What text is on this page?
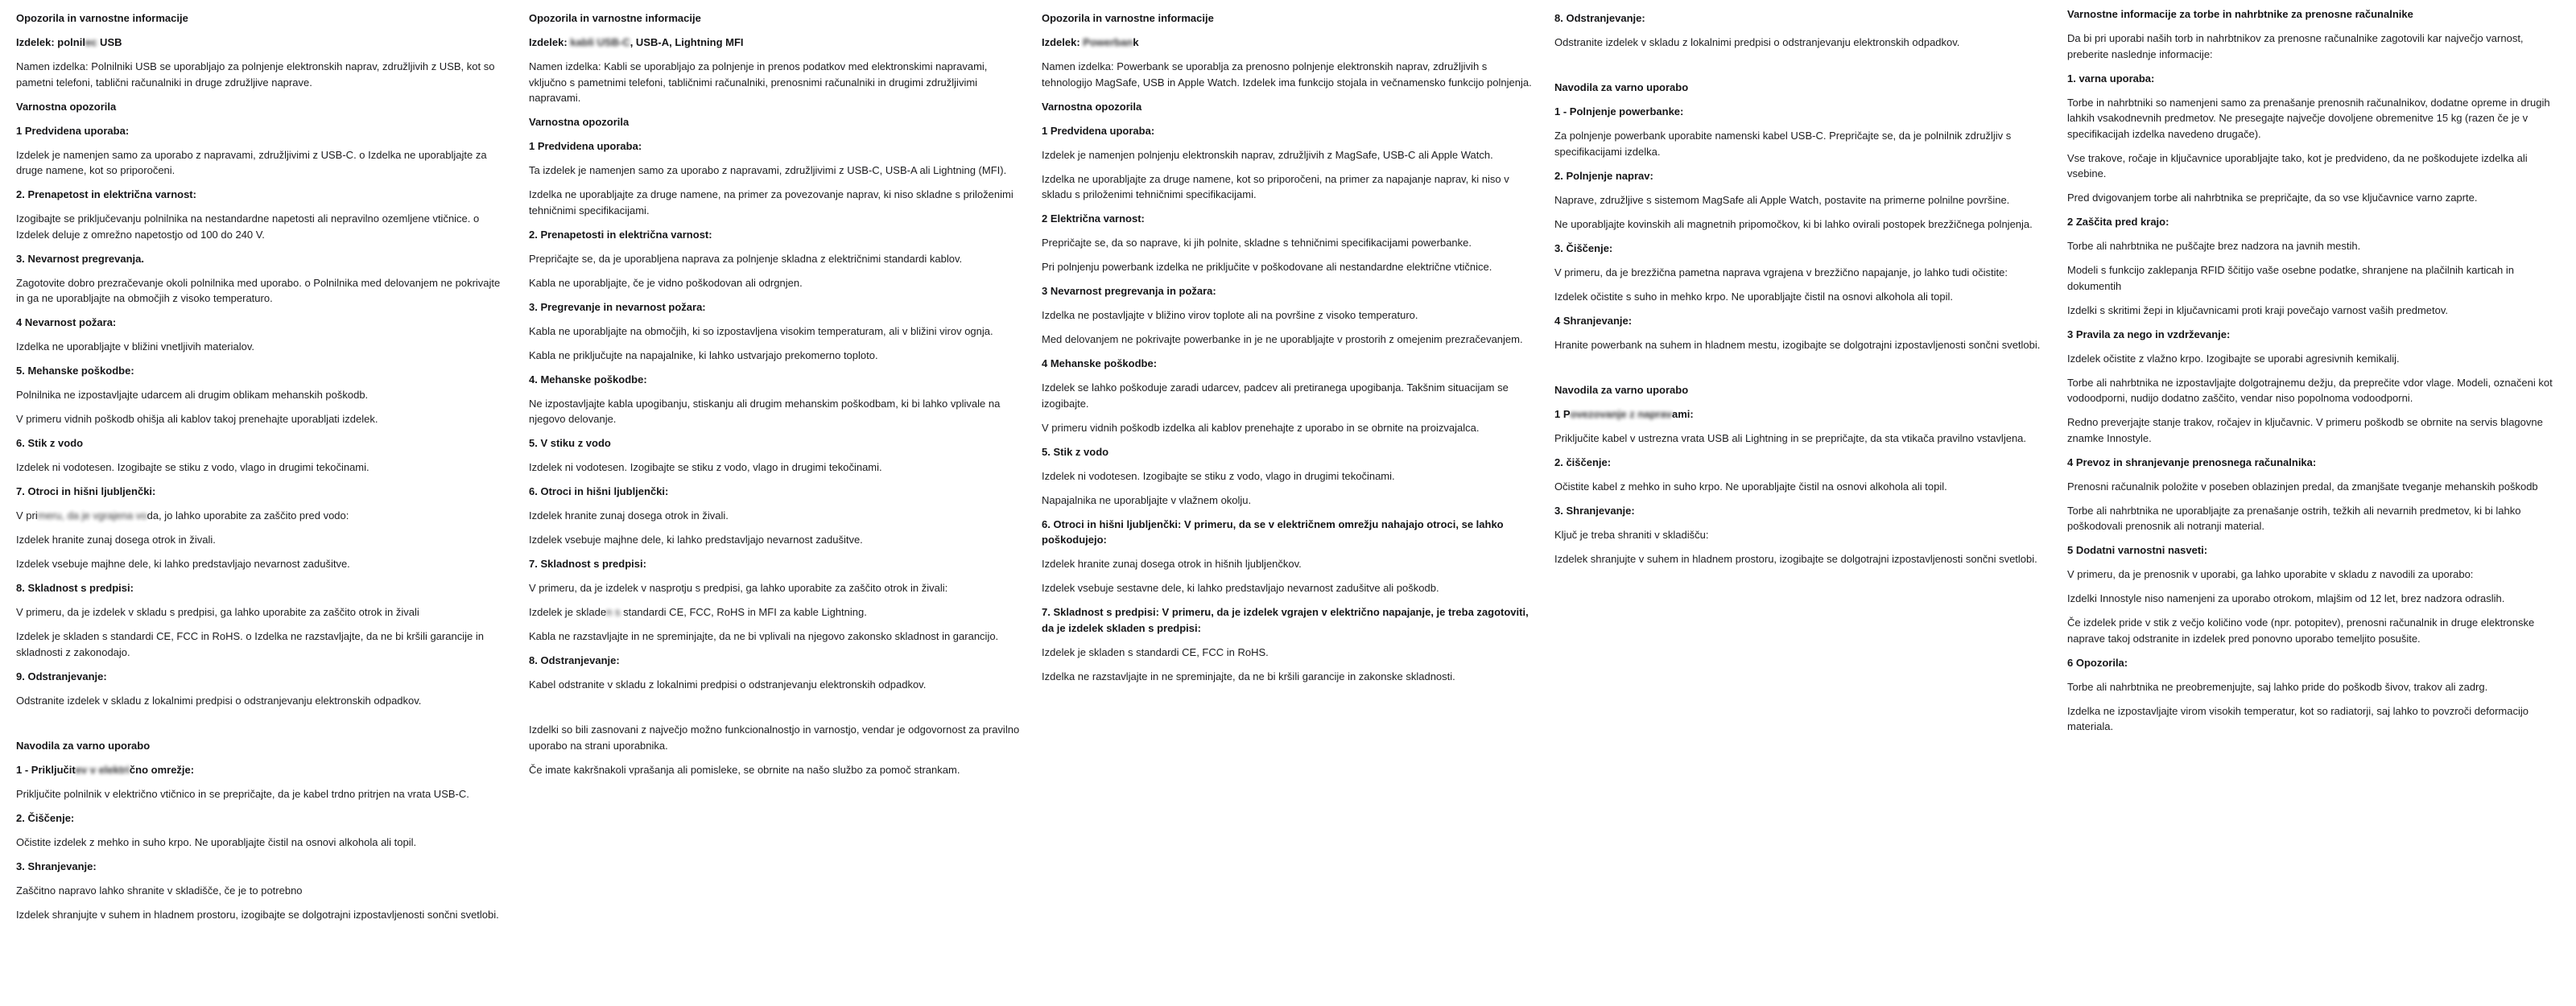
Opozorila in varnostne informacije
Izdelek: polnilec USB

Namen izdelka: Polnilniki USB se uporabljajo za polnjenje elektronskih naprav, združljivih z USB, kot so pametni telefoni, tablični računalniki in druge združljive naprave.

Varnostna opozorila
1 Predvidena uporaba:

Izdelek je namenjen samo za uporabo z napravami, združljivimi z USB-C. o Izdelka ne uporabljajte za druge namene, kot so priporočeni.

2. Prenapetost in električna varnost:

Izogibajte se priključevanju polnilnika na nestandardne napetosti ali nepravilno ozemljene vtičnice. o Izdelek deluje z omrežno napetostjo od 100 do 240 V.

3. Nevarnost pregrevanja.

Zagotovite dobro prezračevanje okoli polnilnika med uporabo. o Polnilnika med delovanjem ne pokrivajte in ga ne uporabljajte na območjih z visoko temperaturo.

4 Nevarnost požara:

Izdelka ne uporabljajte v bližini vnetljivih materialov.

5. Mehanske poškodbe:

Polnilnika ne izpostavljajte udarcem ali drugim oblikam mehanskih poškodb.

V primeru vidnih poškodb ohišja ali kablov takoj prenehajte uporabljati izdelek.

6. Stik z vodo

Izdelek ni vodotesen. Izogibajte se stiku z vodo, vlago in drugimi tekočinami.

7. Otroci in hišni ljubljenčki:

V primeru, da je vgrajena voda, jo lahko uporabite za zaščito pred vodo:

Izdelek hranite zunaj dosega otrok in živali.

Izdelek vsebuje majhne dele, ki lahko predstavljajo nevarnost zadušitve.

8. Skladnost s predpisi:

V primeru, da je izdelek v skladu s predpisi, ga lahko uporabite za zaščito otrok in živali

Izdelek je skladen s standardi CE, FCC in RoHS. o Izdelka ne razstavljajte, da ne bi kršili garancije in skladnosti z zakonodajo.

9. Odstranjevanje:

Odstranite izdelek v skladu z lokalnimi predpisi o odstranjevanju elektronskih odpadkov.

Navodila za varno uporabo
1 - Priključitev v električno omrežje:

Priključite polnilnik v električno vtičnico in se prepričajte, da je kabel trdno pritrjen na vrata USB-C.

2. Čiščenje:

Očistite izdelek z mehko in suho krpo. Ne uporabljajte čistil na osnovi alkohola ali topil.

3. Shranjevanje:

Zaščitno napravo lahko shranite v skladišče, če je to potrebno

Izdelek shranjujte v suhem in hladnem prostoru, izogibajte se dolgotrajni izpostavljenosti sončni svetlobi.

Opozorila in varnostne informacije
Izdelek: kabli USB-C, USB-A, Lightning MFI

Namen izdelka: Kabli se uporabljajo za polnjenje in prenos podatkov med elektronskimi napravami, vključno s pametnimi telefoni, tabličnimi računalniki, prenosnimi računalniki in drugimi združljivimi napravami.

Varnostna opozorila
1 Predvidena uporaba:

Ta izdelek je namenjen samo za uporabo z napravami, združljivimi z USB-C, USB-A ali Lightning (MFI).

Izdelka ne uporabljajte za druge namene, na primer za povezovanje naprav, ki niso skladne s priloženimi tehničnimi specifikacijami.

2. Prenapetosti in električna varnost:

Prepričajte se, da je uporabljena naprava za polnjenje skladna z električnimi standardi kablov.

Kabla ne uporabljajte, če je vidno poškodovan ali odrgnjen.

3. Pregrevanje in nevarnost požara:

Kabla ne uporabljajte na območjih, ki so izpostavljena visokim temperaturam, ali v bližini virov ognja.

Kabla ne priključujte na napajalnike, ki lahko ustvarjajo prekomerno toploto.

4. Mehanske poškodbe:

Ne izpostavljajte kabla upogibanju, stiskanju ali drugim mehanskim poškodbam, ki bi lahko vplivale na njegovo delovanje.

5. V stiku z vodo

Izdelek ni vodotesen. Izogibajte se stiku z vodo, vlago in drugimi tekočinami.

6. Otroci in hišni ljubljenčki:

Izdelek hranite zunaj dosega otrok in živali.

Izdelek vsebuje majhne dele, ki lahko predstavljajo nevarnost zadušitve.

7. Skladnost s predpisi:

V primeru, da je izdelek v nasprotju s predpisi, ga lahko uporabite za zaščito otrok in živali:

Izdelek je skladen s standardi CE, FCC, RoHS in MFI za kable Lightning.

Kabla ne razstavljajte in ne spreminjajte, da ne bi vplivali na njegovo zakonsko skladnost in garancijo.

8. Odstranjevanje:

Kabel odstranite v skladu z lokalnimi predpisi o odstranjevanju elektronskih odpadkov.

Izdelki so bili zasnovani z največjo možno funkcionalnostjo in varnostjo, vendar je odgovornost za pravilno uporabo na strani uporabnika.

Če imate kakršnakoli vprašanja ali pomisleke, se obrnite na našo službo za pomoč strankam.

Opozorila in varnostne informacije
Izdelek: Powerbank

Namen izdelka: Powerbank se uporablja za prenosno polnjenje elektronskih naprav, združljivih s tehnologijo MagSafe, USB in Apple Watch. Izdelek ima funkcijo stojala in večnamensko funkcijo polnjenja.

Varnostna opozorila
1 Predvidena uporaba:

Izdelek je namenjen polnjenju elektronskih naprav, združljivih z MagSafe, USB-C ali Apple Watch.

Izdelka ne uporabljajte za druge namene, kot so priporočeni, na primer za napajanje naprav, ki niso v skladu s priloženimi tehničnimi specifikacijami.

2 Električna varnost:

Prepričajte se, da so naprave, ki jih polnite, skladne s tehničnimi specifikacijami powerbanke.

Pri polnjenju powerbank izdelka ne priključite v poškodovane ali nestandardne električne vtičnice.

3 Nevarnost pregrevanja in požara:

Izdelka ne postavljajte v bližino virov toplote ali na površine z visoko temperaturo.

Med delovanjem ne pokrivajte powerbanke in je ne uporabljajte v prostorih z omejenim prezračevanjem.

4 Mehanske poškodbe:

Izdelek se lahko poškoduje zaradi udarcev, padcev ali pretiranega upogibanja. Takšnim situacijam se izogibajte.

V primeru vidnih poškodb izdelka ali kablov prenehajte z uporabo in se obrnite na proizvajalca.

5. Stik z vodo

Izdelek ni vodotesen. Izogibajte se stiku z vodo, vlago in drugimi tekočinami.

Napajalnika ne uporabljajte v vlažnem okolju.

6. Otroci in hišni ljubljenčki: V primeru, da se v električnem omrežju nahajajo otroci, se lahko poškodujejo:

Izdelek hranite zunaj dosega otrok in hišnih ljubljenčkov.

Izdelek vsebuje sestavne dele, ki lahko predstavljajo nevarnost zadušitve ali poškodb.

7. Skladnost s predpisi: V primeru, da je izdelek vgrajen v električno napajanje, je treba zagotoviti, da je izdelek skladen s predpisi:

Izdelek je skladen s standardi CE, FCC in RoHS.

Izdelka ne razstavljajte in ne spreminjajte, da ne bi kršili garancije in zakonske skladnosti.

8. Odstranjevanje:

Odstranite izdelek v skladu z lokalnimi predpisi o odstranjevanju elektronskih odpadkov.

Navodila za varno uporabo
1 - Polnjenje powerbanke:

Za polnjenje powerbank uporabite namenski kabel USB-C. Prepričajte se, da je polnilnik združljiv s specifikacijami izdelka.

2. Polnjenje naprav:

Naprave, združljive s sistemom MagSafe ali Apple Watch, postavite na primerne polnilne površine.

Ne uporabljajte kovinskih ali magnetnih pripomočkov, ki bi lahko ovirali postopek brezžičnega polnjenja.

3. Čiščenje:

V primeru, da je brezžična pametna naprava vgrajena v brezžično napajanje, jo lahko tudi očistite:

Izdelek očistite s suho in mehko krpo. Ne uporabljajte čistil na osnovi alkohola ali topil.

4 Shranjevanje:

Hranite powerbank na suhem in hladnem mestu, izogibajte se dolgotrajni izpostavljenosti sončni svetlobi.

Navodila za varno uporabo
1 Povezovanje z napravami:

Priključite kabel v ustrezna vrata USB ali Lightning in se prepričajte, da sta vtikača pravilno vstavljena.

2. čiščenje:

Očistite kabel z mehko in suho krpo. Ne uporabljajte čistil na osnovi alkohola ali topil.

3. Shranjevanje:

Ključ je treba shraniti v skladišču:

Izdelek shranjujte v suhem in hladnem prostoru, izogibajte se dolgotrajni izpostavljenosti sončni svetlobi.

Varnostne informacije za torbe in nahrbtnike za prenosne računalnike

Da bi pri uporabi naših torb in nahrbtnikov za prenosne računalnike zagotovili kar največjo varnost, preberite naslednje informacije:

1. varna uporaba:

Torbe in nahrbtniki so namenjeni samo za prenašanje prenosnih računalnikov, dodatne opreme in drugih lahkih vsakodnevnih predmetov. Ne presegajte največje dovoljene obremenitve 15 kg (razen če je v specifikacijah izdelka navedeno drugače).

Vse trakove, ročaje in ključavnice uporabljajte tako, kot je predvideno, da ne poškodujete izdelka ali vsebine.

Pred dvigovanjem torbe ali nahrbtnika se prepričajte, da so vse ključavnice varno zaprte.

2 Zaščita pred krajo:

Torbe ali nahrbtnika ne puščajte brez nadzora na javnih mestih.

Modeli s funkcijo zaklepanja RFID ščitijo vaše osebne podatke, shranjene na plačilnih karticah in dokumentih

Izdelki s skritimi žepi in ključavnicami proti kraji povečajo varnost vaših predmetov.

3 Pravila za nego in vzdrževanje:

Izdelek očistite z vlažno krpo. Izogibajte se uporabi agresivnih kemikalij.

Torbe ali nahrbtnika ne izpostavljajte dolgotrajnemu dežju, da preprečite vdor vlage. Modeli, označeni kot vodoodporni, nudijo dodatno zaščito, vendar niso popolnoma vodoodporni.

Redno preverjajte stanje trakov, ročajev in ključavnic. V primeru poškodb se obrnite na servis blagovne znamke Innostyle.

4 Prevoz in shranjevanje prenosnega računalnika:

Prenosni računalnik položite v poseben oblazinjen predal, da zmanjšate tveganje mehanskih poškodb

Torbe ali nahrbtnika ne uporabljajte za prenašanje ostrih, težkih ali nevarnih predmetov, ki bi lahko poškodovali prenosnik ali notranji material.

5 Dodatni varnostni nasveti:

V primeru, da je prenosnik v uporabi, ga lahko uporabite v skladu z navodili za uporabo:

Izdelki Innostyle niso namenjeni za uporabo otrokom, mlajšim od 12 let, brez nadzora odraslih.

Če izdelek pride v stik z večjo količino vode (npr. potopitev), prenosni računalnik in druge elektronske naprave takoj odstranite in izdelek pred ponovno uporabo temeljito posušite.

6 Opozorila:

Torbe ali nahrbtnika ne preobremenjujte, saj lahko pride do poškodb šivov, trakov ali zadrg.

Izdelka ne izpostavljajte virom visokih temperatur, kot so radiatorji, saj lahko to povzroči deformacijo materiala.
